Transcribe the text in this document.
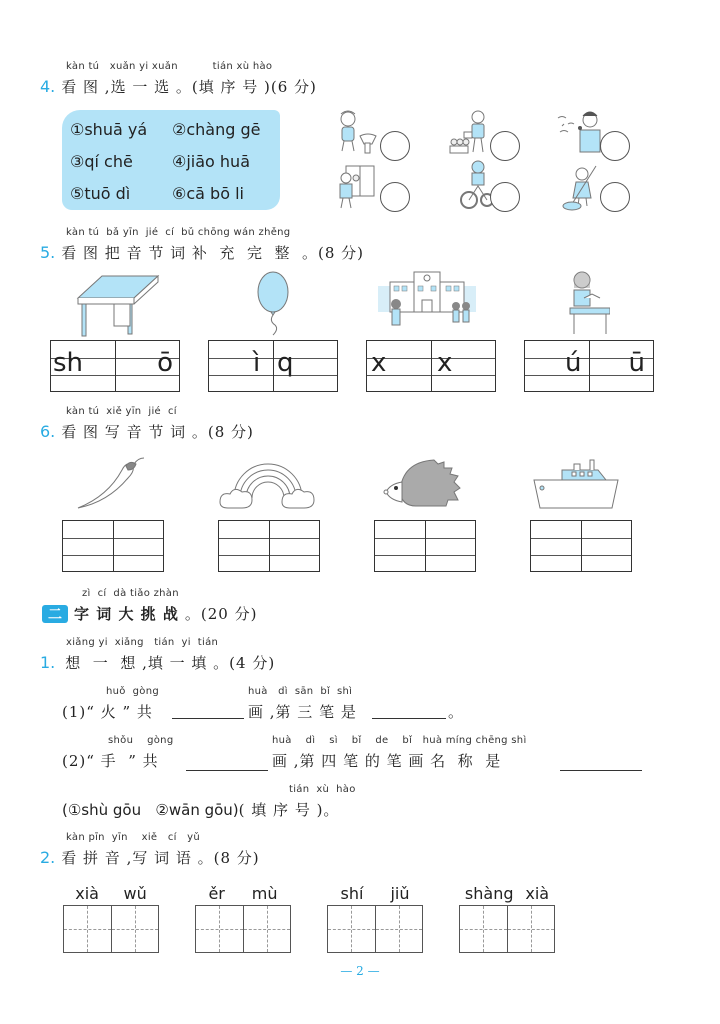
kàn tú   xuǎn yi xuǎn          tián xù hào
4. 看 图 ,选 一 选 。(填 序 号 )(6 分)
①shuā yá ②chàng gē
③qí chē ④jiāo huā
⑤tuō dì	⑥cā bō li
kàn tú  bǎ yīn  jié  cí  bǔ chōng wán zhěng
5. 看 图 把 音 节 词 补  充  完  整  。(8 分)
sh	ō	ì q	x x	ú ū
kàn tú  xiě yīn  jié  cí
6. 看 图 写 音 节 词 。(8 分)
zì  cí  dà tiǎo zhàn
二 字 词 大 挑 战 。(20 分)
xiǎng yi  xiǎng   tián  yi  tián
1. 想  一  想 ,填 一 填 。(4 分)
huǒ  gòng	huà   dì  sān  bǐ  shì
(1)“ 火 ” 共	画 ,第 三 笔 是	。
shǒu    gòng	huà    dì    sì    bǐ    de    bǐ   huà míng chēng shì
(2)“ 手  ” 共	画 ,第 四 笔 的 笔 画 名  称  是
tián  xù  hào
(①shù gōu   ②wān gōu) ( 填 序 号 )。
kàn pīn  yīn    xiě   cí   yǔ
2. 看 拼 音 ,写 词 语 。(8 分)
xià wǔ	ěr mù	shí jiǔ	shàng xià
— 2 —
